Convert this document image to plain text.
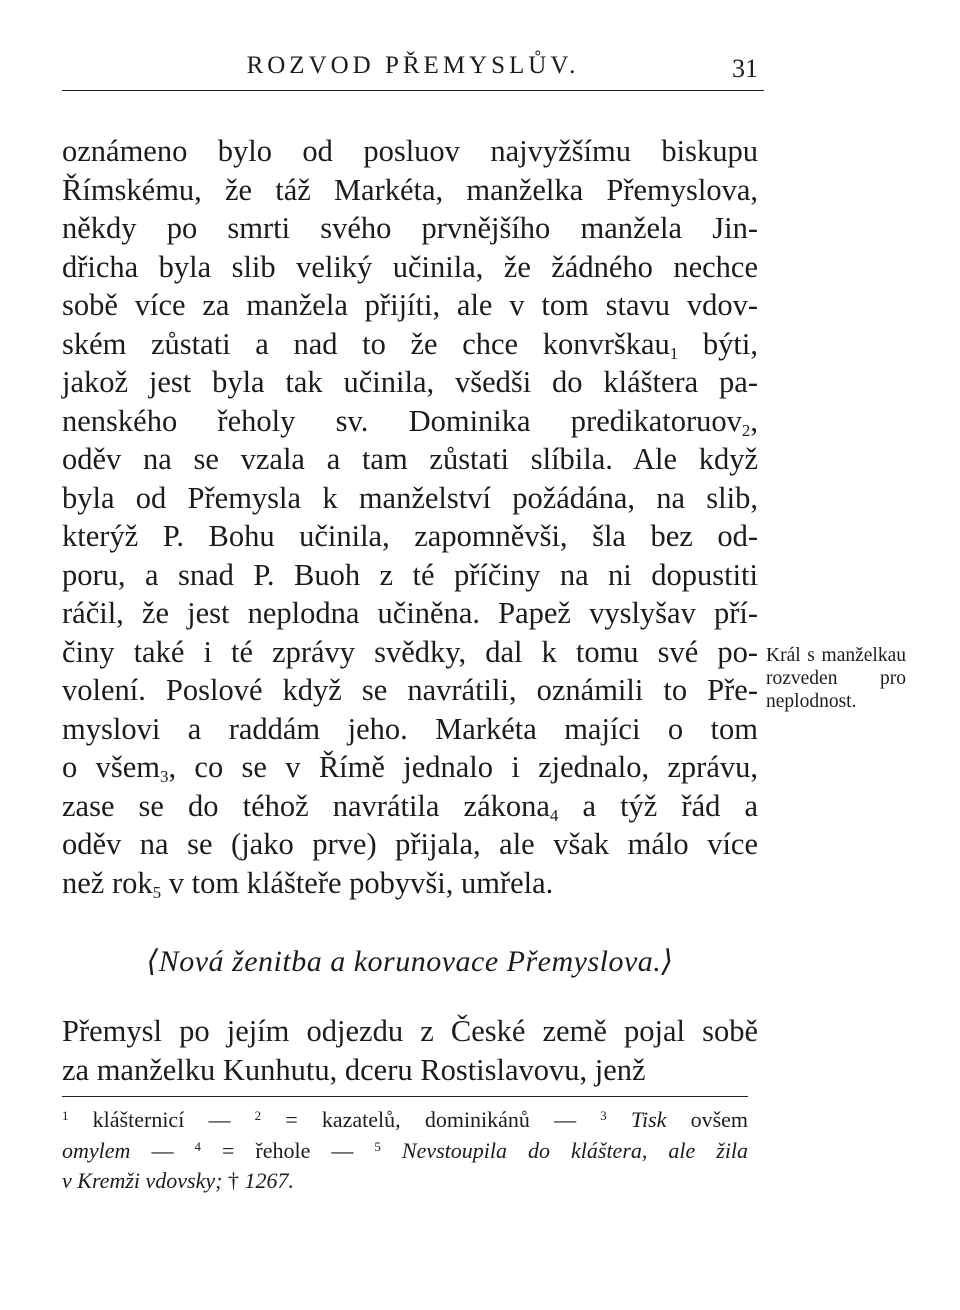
ROZVOD PŘEMYSLŮV.	31
oznámeno bylo od posluov najvyžšímu biskupu
Římskému, že táž Markéta, manželka Přemyslova,
někdy po smrti svého prvnějšího manžela Jin-
dřicha byla slib veliký učinila, že žádného nechce
sobě více za manžela přijíti, ale v tom stavu vdov-
ském zůstati a nad to že chce konvrškau$_1$ býti,
jakož jest byla tak učinila, všedši do kláštera pa-
nenského řeholy sv. Dominika predikatoruov$_2$,
oděv na se vzala a tam zůstati slíbila. Ale když
byla od Přemysla k manželství požádána, na slib,
kterýž P. Bohu učinila, zapomněvši, šla bez od-
poru, a snad P. Buoh z té příčiny na ni dopustiti
ráčil, že jest neplodna učiněna. Papež vyslyšav pří-
činy také i té zprávy svědky, dal k tomu své po-
volení. Poslové když se navrátili, oznámili to Pře-
myslovi a raddám jeho. Markéta majíci o tom
o všem$_3$, co se v Římě jednalo i zjednalo, zprávu,
zase se do téhož navrátila zákona$_4$ a týž řád a
oděv na se (jako prve) přijala, ale však málo více
než rok$_5$ v tom klášteře pobyvši, umřela.
Král s manželkau rozveden pro neplodnost.
⟨Nová ženitba a korunovace Přemyslova.⟩
Přemysl po jejím odjezdu z České země pojal sobě
za manželku Kunhutu, dceru Rostislavovu, jenž
$^1$ klášternicí — $^2$ = kazatelů, dominikánů — $^3$ Tisk ovšem
omylem — $^4$ = řehole — $^5$ Nevstoupila do kláštera, ale žila
v Kremži vdovsky; † 1267.
